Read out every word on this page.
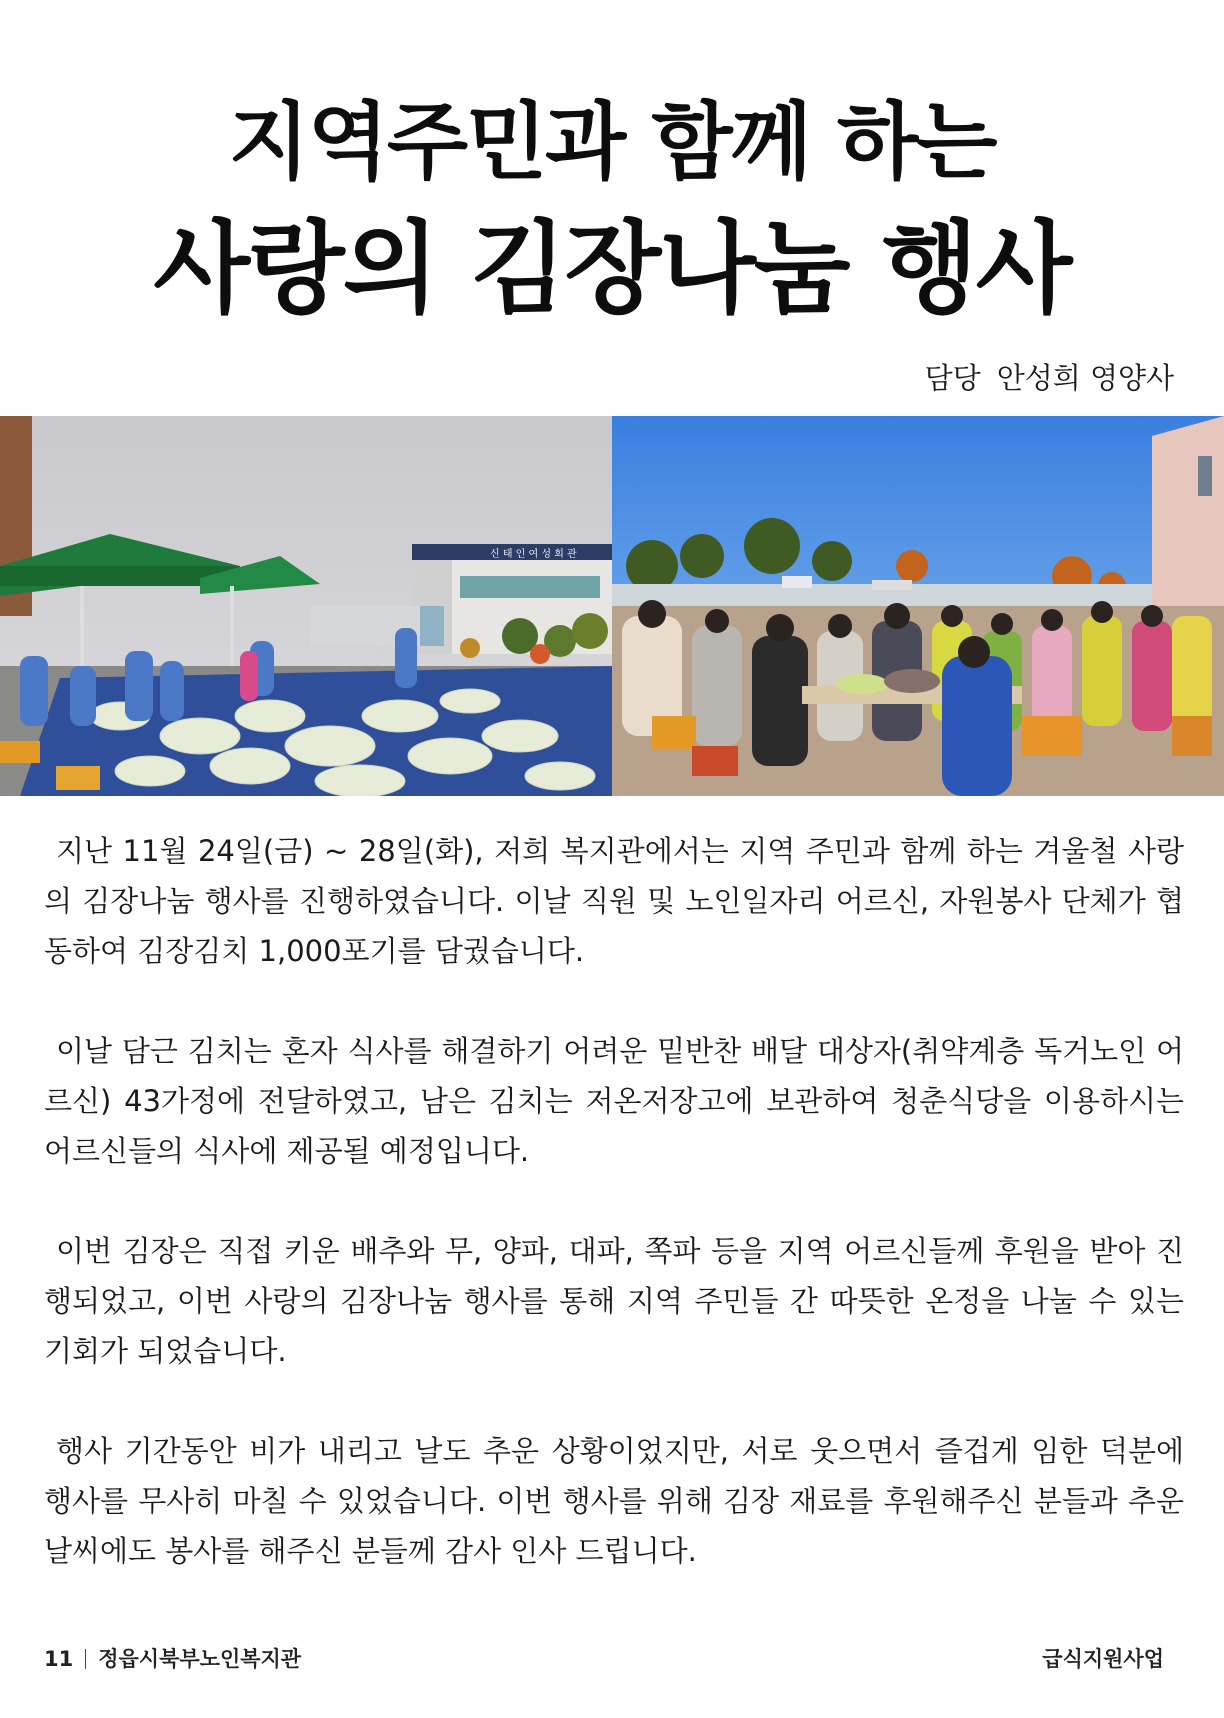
지역주민과 함께 하는
사랑의 김장나눔 행사
담당 안성희 영양사
신 태 인 여 성 회 관

지난 11월 24일(금) ~ 28일(화), 저희 복지관에서는 지역 주민과 함께 하는 겨울철 사랑의 김장나눔 행사를 진행하였습니다. 이날 직원 및 노인일자리 어르신, 자원봉사 단체가 협동하여 김장김치 1,000포기를 담궜습니다.

이날 담근 김치는 혼자 식사를 해결하기 어려운 밑반찬 배달 대상자(취약계층 독거노인 어르신) 43가정에 전달하였고, 남은 김치는 저온저장고에 보관하여 청춘식당을 이용하시는 어르신들의 식사에 제공될 예정입니다.

이번 김장은 직접 키운 배추와 무, 양파, 대파, 쪽파 등을 지역 어르신들께 후원을 받아 진행되었고, 이번 사랑의 김장나눔 행사를 통해 지역 주민들 간 따뜻한 온정을 나눌 수 있는 기회가 되었습니다.

행사 기간동안 비가 내리고 날도 추운 상황이었지만, 서로 웃으면서 즐겁게 임한 덕분에 행사를 무사히 마칠 수 있었습니다. 이번 행사를 위해 김장 재료를 후원해주신 분들과 추운 날씨에도 봉사를 해주신 분들께 감사 인사 드립니다.

11 정읍시북부노인복지관	급식지원사업
